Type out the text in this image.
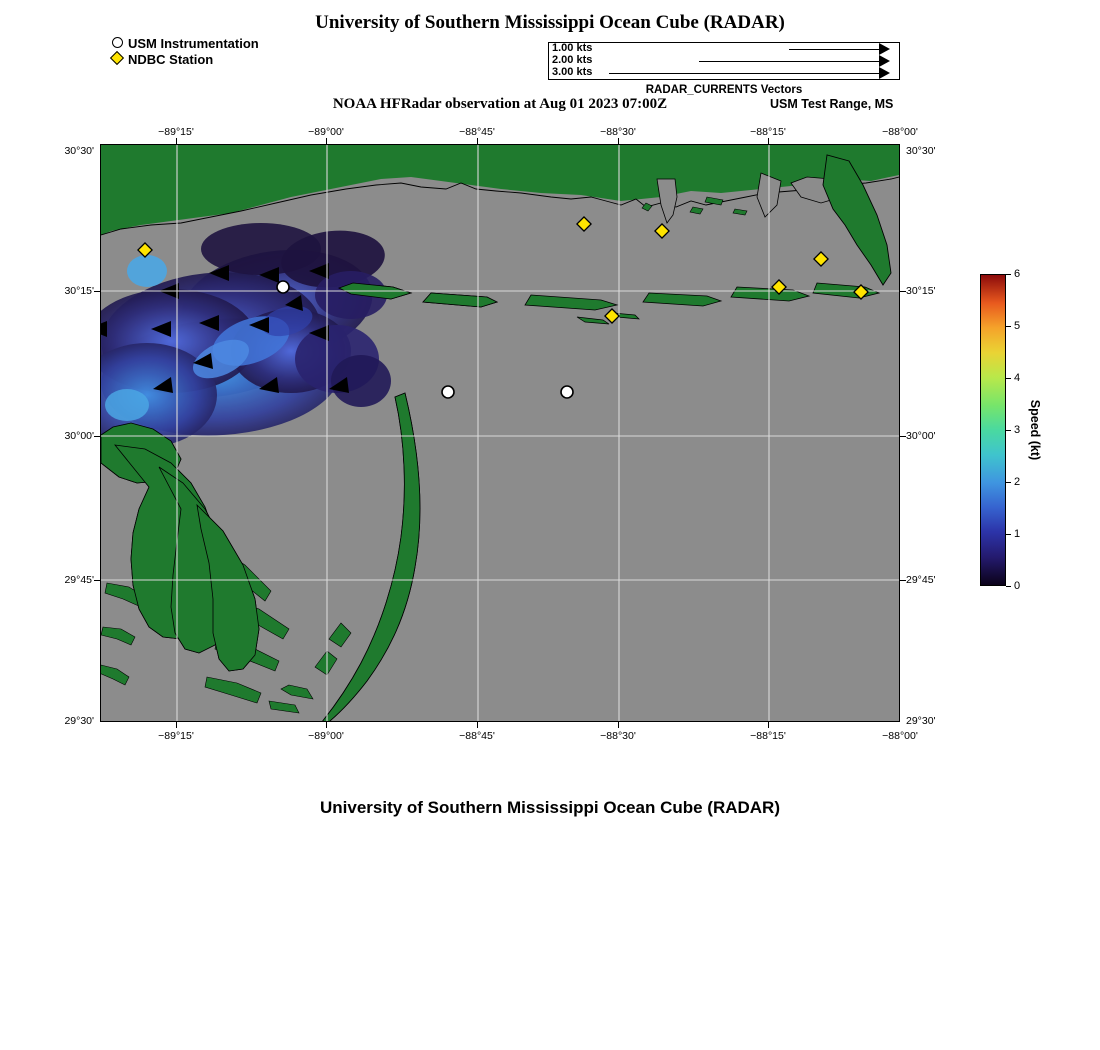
University of Southern Mississippi Ocean Cube (RADAR)
USM Instrumentation
NDBC Station
1.00 kts
2.00 kts
3.00 kts
RADAR_CURRENTS Vectors
NOAA HFRadar observation at Aug 01 2023 07:00Z	USM Test Range, MS
−89°15'	−89°00'	−88°45'	−88°30'	−88°15'	−88°00'
−89°15'	−89°00'	−88°45'	−88°30'	−88°15'	−88°00'
30°30'
30°15'
30°00'
29°45'
29°30'
30°30'
30°15'
30°00'
29°45'
29°30'
0
1
2
3
4
5
6
Speed (kt)
University of Southern Mississippi Ocean Cube (RADAR)
